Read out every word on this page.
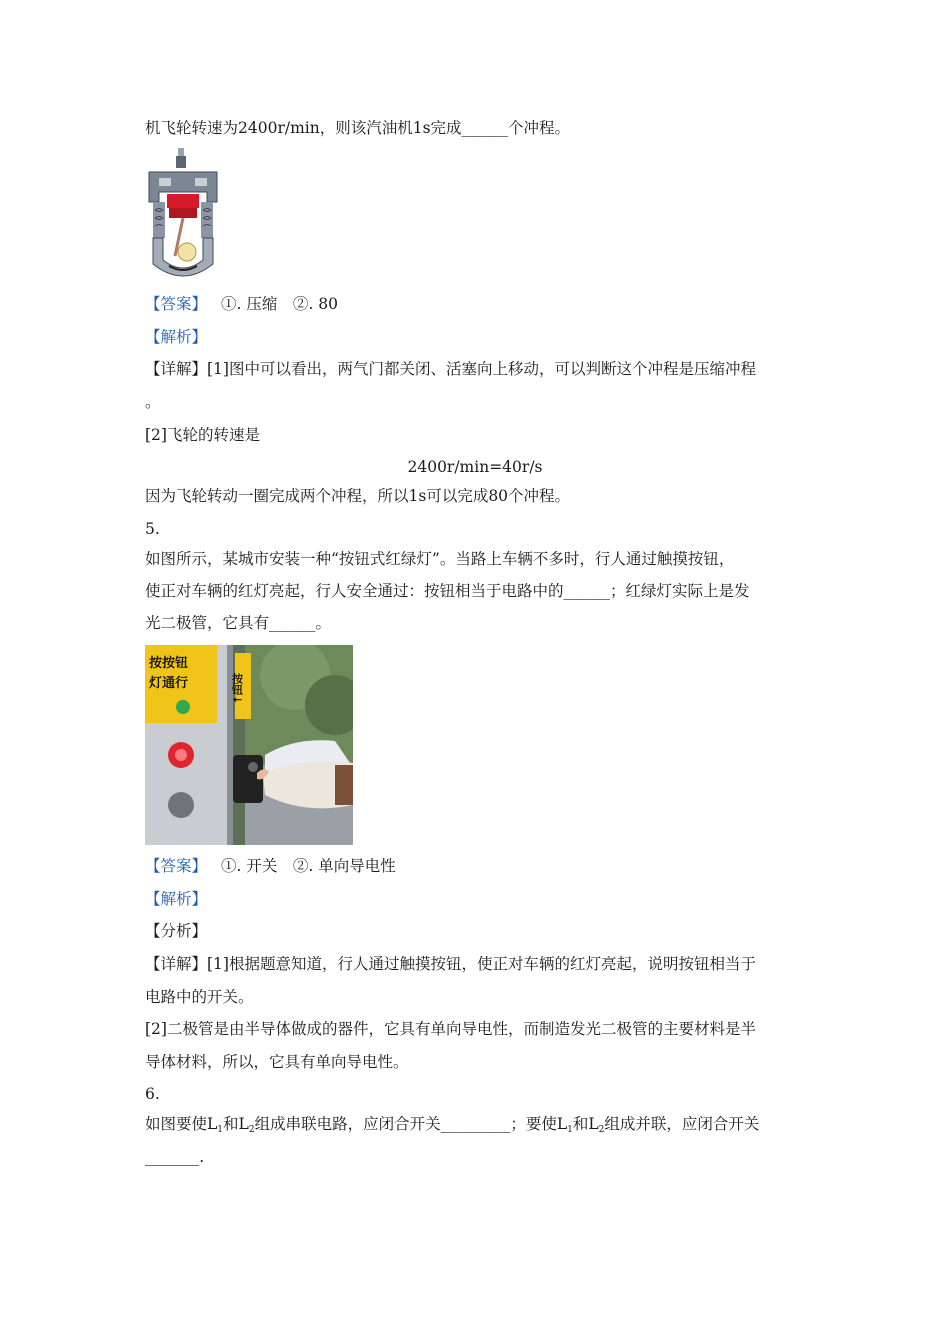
机飞轮转速为2400r/min，则该汽油机1s完成______个冲程。
【答案】 ①. 压缩　②. 80
【解析】
【详解】[1]图中可以看出，两气门都关闭、活塞向上移动，可以判断这个冲程是压缩冲程
。
[2]飞轮的转速是
2400r/min=40r/s
因为飞轮转动一圈完成两个冲程，所以1s可以完成80个冲程。
5.
如图所示，某城市安装一种“按钮式红绿灯”。当路上车辆不多时，行人通过触摸按钮，
使正对车辆的红灯亮起，行人安全通过：按钮相当于电路中的______；红绿灯实际上是发
光二极管，它具有______。
按按钮
灯通行	按钮↓
【答案】 ①. 开关　②. 单向导电性
【解析】
【分析】
【详解】[1]根据题意知道，行人通过触摸按钮，使正对车辆的红灯亮起，说明按钮相当于
电路中的开关。
[2]二极管是由半导体做成的器件，它具有单向导电性，而制造发光二极管的主要材料是半
导体材料，所以，它具有单向导电性。
6.
如图要使$L_1$和$L_2$组成串联电路，应闭合开关_________；要使$L_1$和$L_2$组成并联，应闭合开关
_______.
